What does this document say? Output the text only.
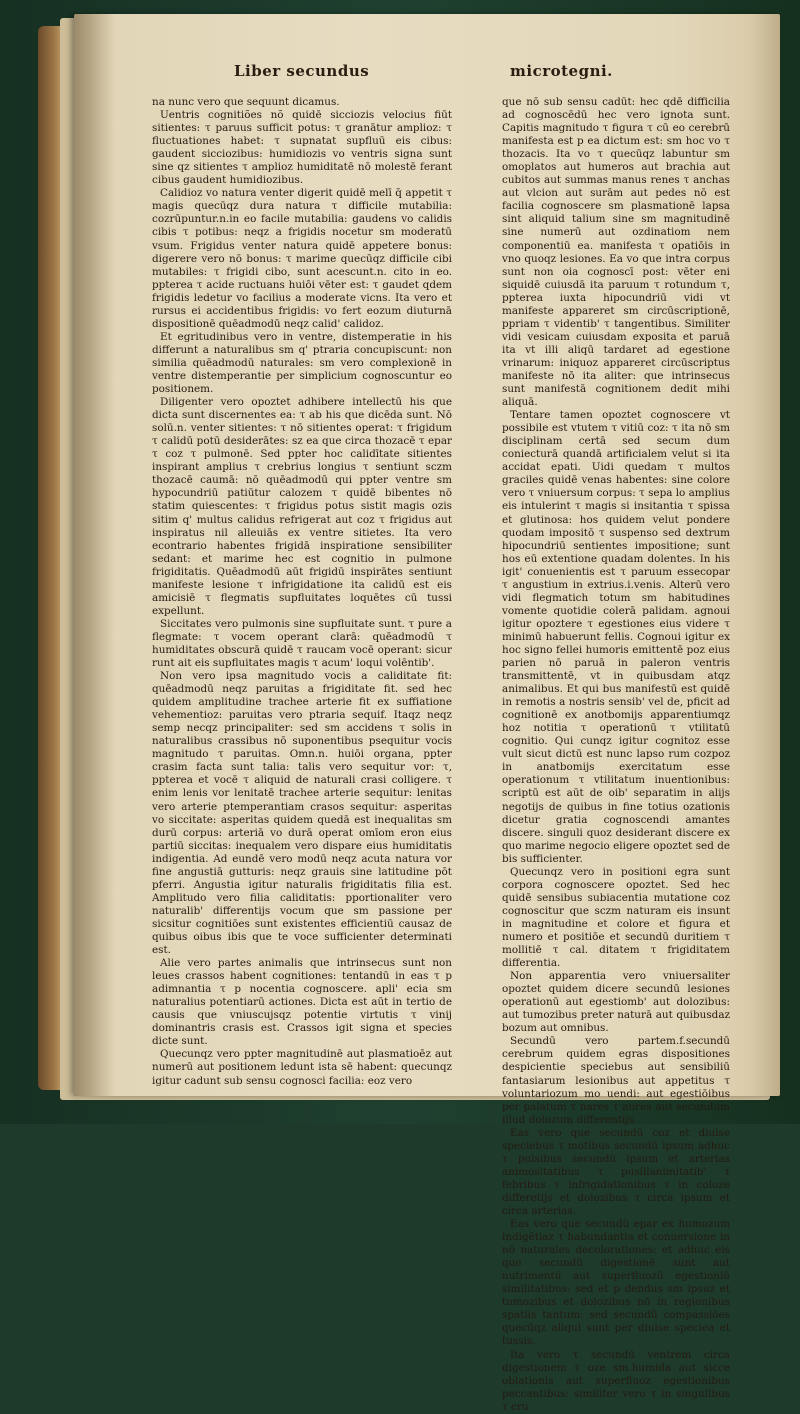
Liber secundus	microtegni.

na nunc vero que sequunt dicamus.

Uentris cognitiões nõ quidē sicciozis velocius fiūt sitientes: τ paruus sufficit potus: τ granātur amplioz: τ fluctuationes habet: τ supnatat supfluū eis cibus: gaudent sicciozibus: humidiozis vo ventris signa sunt sine qz sitientes τ amplioz humiditatē nō molestē ferant cibus gaudent humidiozibus.

Calidioz vo natura venter digerit quidē melī q̄ appetit τ magis quecūqz dura natura τ difficile mutabilia: cozrūpuntur.n.in eo facile mutabilia: gaudens vo calidis cibis τ potibus: neqz a frigidis nocetur sm moderatū vsum. Frigidus venter natura quidē appetere bonus: digerere vero nō bonus: τ marime quecūqz difficile cibi mutabiles: τ frigidi cibo, sunt acescunt.n. cito in eo. ppterea τ acide ructuans huiōi vēter est: τ gaudet qdem frigidis ledetur vo facilius a moderate vicns. Ita vero et rursus ei accidentibus frigidis: vo fert eozum diuturnā dispositionē quēadmodū neqz calid' calidoz.

Et egritudinibus vero in ventre, distemperatie in his differunt a naturalibus sm q' ptraria concupiscunt: non similia quēadmodū naturales: sm vero complexionē in ventre distemperantie per simplicium cognoscuntur eo positionem.

Diligenter vero opoztet adhibere intellectū his que dicta sunt discernentes ea: τ ab his que dicēda sunt. Nō solū.n. venter sitientes: τ nō sitientes operat: τ frigidum τ calidū potū desiderātes: sz ea que circa thozacē τ epar τ coz τ pulmonē. Sed ppter hoc calidītate sitientes inspirant amplius τ crebrius longius τ sentiunt sczm thozacē caumā: nō quēadmodū qui ppter ventre sm hypocundriū patiūtur calozem τ quidē bibentes nō statim quiescentes: τ frigidus potus sistit magis ozis sitim q' multus calidus refrigerat aut coz τ frigidus aut inspiratus nil alleuiās ex ventre sitietes. Ita vero econtrario habentes frigidā inspiratione sensibiliter sedant: et marime hec est cognitio in pulmone frigiditatis. Quēadmodū aūt frigidū inspirātes sentiunt manifeste lesione τ infrigidatione ita calidū est eis amicisiē τ flegmatis supfluitates loquētes cū tussi expellunt.

Siccitates vero pulmonis sine supfluitate sunt. τ pure a flegmate: τ vocem operant clarā: quēadmodū τ humiditates obscurā quidē τ raucam vocē operant: sicur runt ait eis supfluitates magis τ acum' loqui volēntib'.

Non vero ipsa magnitudo vocis a caliditate fit: quēadmodū neqz paruitas a frigiditate fit. sed hec quidem amplitudine trachee arterie fit ex suffiatione vehementioz: paruitas vero ptraria sequif. Itaqz neqz semp necqz principaliter: sed sm accidens τ solis in naturalibus crassibus nō suponentibus psequitur vocis magnitudo τ paruitas. Omn.n. huiōi organa, ppter crasim facta sunt talia: talis vero sequitur vor: τ, ppterea et vocē τ aliquid de naturali crasi colligere. τ enim lenis vor lenitatē trachee arterie sequitur: lenitas vero arterie ptemperantiam crasos sequitur: asperitas vo siccitate: asperitas quidem quedā est inequalitas sm durū corpus: arteriā vo durā operat omīom eron eius partiū siccitas: inequalem vero dispare eius humiditatis indigentia. Ad eundē vero modū neqz acuta natura vor fine angustiā gutturis: neqz grauis sine latitudine pōt pferri. Angustia igitur naturalis frigiditatis filia est. Amplitudo vero filia caliditatis: pportionaliter vero naturalib' differentijs vocum que sm passione per sicsitur cognitiōes sunt existentes efficientiū causaz de quibus oibus ibis que te voce sufficienter determinati est.

Alie vero partes animalis que intrinsecus sunt non leues crassos habent cognitiones: tentandū in eas τ p adimnantia τ p nocentia cognoscere. apli' ecia sm naturalius potentiarū actiones. Dicta est aūt in tertio de causis que vniuscujsqz potentie virtutis τ vinij dominantris crasis est. Crassos igit signa et species dicte sunt.

Quecunqz vero ppter magnitudinē aut plasmatioēz aut numerū aut positionem ledunt ista sē habent: quecunqz igitur cadunt sub sensu cognosci facilia: eoz vero

que nō sub sensu cadūt: hec qdē difficilia ad cognoscēdū hec vero ignota sunt. Capitis magnitudo τ figura τ cū eo cerebrū manifesta est p ea dictum est: sm hoc vo τ thozacis. Ita vo τ quecūqz labuntur sm omoplatos aut humeros aut brachia aut cubitos aut summas manus renes τ anchas aut vlcion aut surām aut pedes nō est facilia cognoscere sm plasmationē lapsa sint aliquid talium sine sm magnitudinē sine numerū aut ozdinatiom nem componentiū ea. manifesta τ opatiōis in vno quoqz lesiones. Ea vo que intra corpus sunt non oia cognoscī post: vēter eni siquidē cuiusdā ita paruum τ rotundum τ, ppterea iuxta hipocundriū vidi vt manifeste appareret sm circūscriptionē, ppriam τ videntib' τ tangentibus. Similiter vidi vesicam cuiusdam exposita et paruā ita vt illi aliqū tardaret ad egestione vrinarum: iniquoz appareret circūscriptus manifeste nō ita aliter: que intrinsecus sunt manifestā cognitionem dedit mihi aliquā.

Tentare tamen opoztet cognoscere vt possibile est vtutem τ vitiū coz: τ ita nō sm disciplinam certā sed secum dum coniecturā quandā artificialem velut si ita accidat epati. Uidi quedam τ multos graciles quidē venas habentes: sine colore vero τ vniuersum corpus: τ sepa lo amplius eis intulerint τ magis si insitantia τ spissa et glutinosa: hos quidem velut pondere quodam impositō τ suspenso sed dextrum hipocundriū sentientes impositione; sunt hos eū extentione quadam dolentes. In his igit' conuenientis est τ paruum essecopar τ angustium in extrius.i.venis. Alterū vero vidi flegmatich totum sm habitudines vomente quotidie colerā palidam. agnoui igitur opoztere τ egestiones eius videre τ minimū habuerunt fellis. Cognoui igitur ex hoc signo fellei humoris emittentē poz eius parien nō paruā in paleron ventris transmittentē, vt in quibusdam atqz animalibus. Et qui bus manifestū est quidē in remotis a nostris sensib' vel de, pficit ad cognitionē ex anotbomijs apparentiumqz hoz notitia τ operationū τ vtilitatū cognitio. Qui cunqz igitur cognitoz esse vult sicut dictū est nunc lapso rum cozpoz in anatbomijs exercitatum esse operationum τ vtilitatum inuentionibus: scriptū est aūt de oib' separatim in alijs negotijs de quibus in fine totius ozationis dicetur gratia cognoscendi amantes discere. singuli quoz desiderant discere ex quo marime negocio eligere opoztet sed de bis sufficienter.

Quecunqz vero in positioni egra sunt corpora cognoscere opoztet. Sed hec quidē sensibus subiacentia mutatione coz cognoscitur que sczm naturam eis insunt in magnitudine et colore et figura et numero et positiōe et secundū duritiem τ mollitiē τ cal. ditatem τ frigiditatem differentia.

Non apparentia vero vniuersaliter opoztet quidem dicere secundū lesiones operationū aut egestiomb' aut dolozibus: aut tumozibus preter naturā aut quibusdaz bozum aut omnibus.

Secundū vero partem.f.secundū cerebrum quidem egras dispositiones despicientie speciebus aut sensibiliū fantasiarum lesionibus aut appetitus τ voluntariozum mo uendi: aut egestiōibus per palatum τ nares τ aures aut secundum illud dolozum differentijs.

Eas vero que secundū coz et diuise speciebus τ motibus secundū ipsum adhuc τ pulsibus secundū ipsum et arterias animositatibus τ pusillanimitatib' τ febribus τ infrigidationibus τ in coloze differetijs et dolozibus τ circa ipsum et circa arterias.

Eas vero que secundū epar ex humozum indigētiaz τ habundantia et conuersione in nō naturales decolorationes: et adhuc eis que secundū digestionē sunt aut nutrimentū aut superfluozū egestioniū similitatibus: sed et p dendus sm ipsuz et tumozibus et dolozibus nō in regionibus spatiis tantum: sed secundū compassiōes quecūqz aliqui sunt per diuise speciea et tussis.

Ita vero τ secundū ventrem circa digestionem τ oze sm.humida aut sicce oblationis aut superfluoz egestionibus peccantibus: similiter vero τ in singulibus τ cru
